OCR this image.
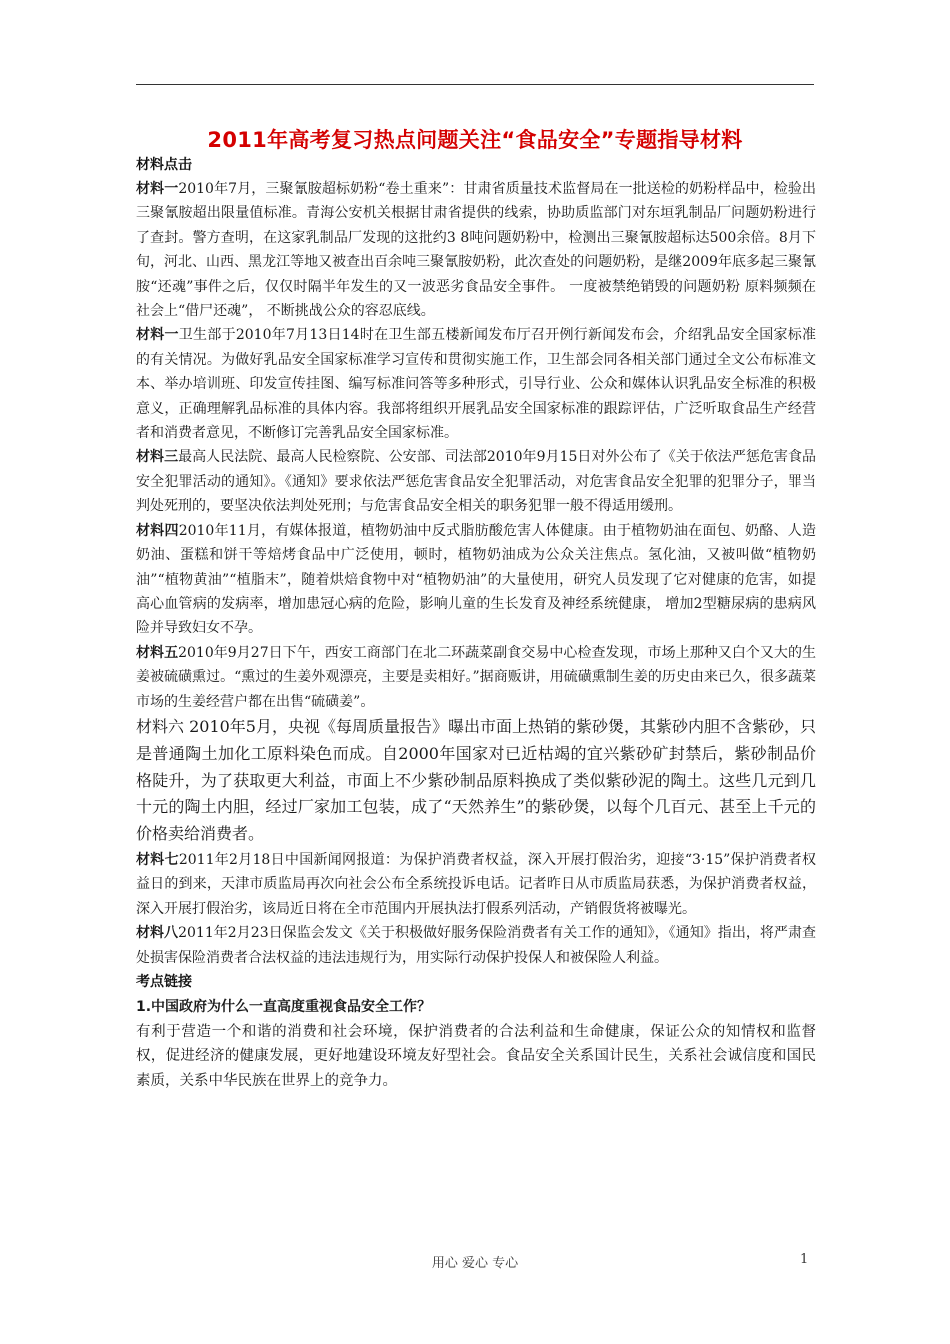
2011年高考复习热点问题关注“食品安全”专题指导材料
材料点击

材料一2010年7月，三聚氰胺超标奶粉“卷土重来”：甘肃省质量技术监督局在一批送检的奶粉样品中，检验出三聚氰胺超出限量值标准。青海公安机关根据甘肃省提供的线索，协助质监部门对东垣乳制品厂问题奶粉进行了查封。警方查明，在这家乳制品厂发现的这批约3 8吨问题奶粉中，检测出三聚氰胺超标达500余倍。8月下旬，河北、山西、黑龙江等地又被查出百余吨三聚氰胺奶粉，此次查处的问题奶粉，是继2009年底多起三聚氰胺“还魂”事件之后，仅仅时隔半年发生的又一波恶劣食品安全事件。 一度被禁绝销毁的问题奶粉 原料频频在社会上“借尸还魂”， 不断挑战公众的容忍底线。

材料一卫生部于2010年7月13日14时在卫生部五楼新闻发布厅召开例行新闻发布会，介绍乳品安全国家标准的有关情况。为做好乳品安全国家标准学习宣传和贯彻实施工作，卫生部会同各相关部门通过全文公布标准文本、举办培训班、印发宣传挂图、编写标准问答等多种形式，引导行业、公众和媒体认识乳品安全标准的积极意义，正确理解乳品标准的具体内容。我部将组织开展乳品安全国家标准的跟踪评估，广泛听取食品生产经营者和消费者意见，不断修订完善乳品安全国家标准。

材料三最高人民法院、最高人民检察院、公安部、司法部2010年9月15日对外公布了《关于依法严惩危害食品安全犯罪活动的通知》。《通知》要求依法严惩危害食品安全犯罪活动，对危害食品安全犯罪的犯罪分子，罪当判处死刑的，要坚决依法判处死刑；与危害食品安全相关的职务犯罪一般不得适用缓刑。

材料四2010年11月，有媒体报道，植物奶油中反式脂肪酸危害人体健康。由于植物奶油在面包、奶酪、人造奶油、蛋糕和饼干等焙烤食品中广泛使用，顿时，植物奶油成为公众关注焦点。氢化油，又被叫做“植物奶油”“植物黄油”“植脂末”，随着烘焙食物中对“植物奶油”的大量使用，研究人员发现了它对健康的危害，如提高心血管病的发病率，增加患冠心病的危险，影响儿童的生长发育及神经系统健康， 增加2型糖尿病的患病风险并导致妇女不孕。

材料五2010年9月27日下午，西安工商部门在北二环蔬菜副食交易中心检查发现，市场上那种又白个又大的生姜被硫磺熏过。“熏过的生姜外观漂亮，主要是卖相好。”据商贩讲，用硫磺熏制生姜的历史由来已久，很多蔬菜市场的生姜经营户都在出售“硫磺姜”。

材料六 2010年5月，央视《每周质量报告》曝出市面上热销的紫砂煲，其紫砂内胆不含紫砂，只是普通陶土加化工原料染色而成。自2000年国家对已近枯竭的宜兴紫砂矿封禁后，紫砂制品价格陡升，为了获取更大利益，市面上不少紫砂制品原料换成了类似紫砂泥的陶土。这些几元到几十元的陶土内胆，经过厂家加工包装，成了“天然养生”的紫砂煲，以每个几百元、甚至上千元的价格卖给消费者。

材料七2011年2月18日中国新闻网报道：为保护消费者权益，深入开展打假治劣，迎接“3·15”保护消费者权益日的到来，天津市质监局再次向社会公布全系统投诉电话。记者昨日从市质监局获悉，为保护消费者权益，深入开展打假治劣，该局近日将在全市范围内开展执法打假系列活动，产销假货将被曝光。

材料八2011年2月23日保监会发文《关于积极做好服务保险消费者有关工作的通知》，《通知》指出，将严肃查处损害保险消费者合法权益的违法违规行为，用实际行动保护投保人和被保险人利益。

考点链接
1.中国政府为什么一直高度重视食品安全工作？
有利于营造一个和谐的消费和社会环境，保护消费者的合法利益和生命健康，保证公众的知情权和监督权，促进经济的健康发展，更好地建设环境友好型社会。食品安全关系国计民生，关系社会诚信度和国民素质，关系中华民族在世界上的竞争力。
用心 爱心 专心	1
